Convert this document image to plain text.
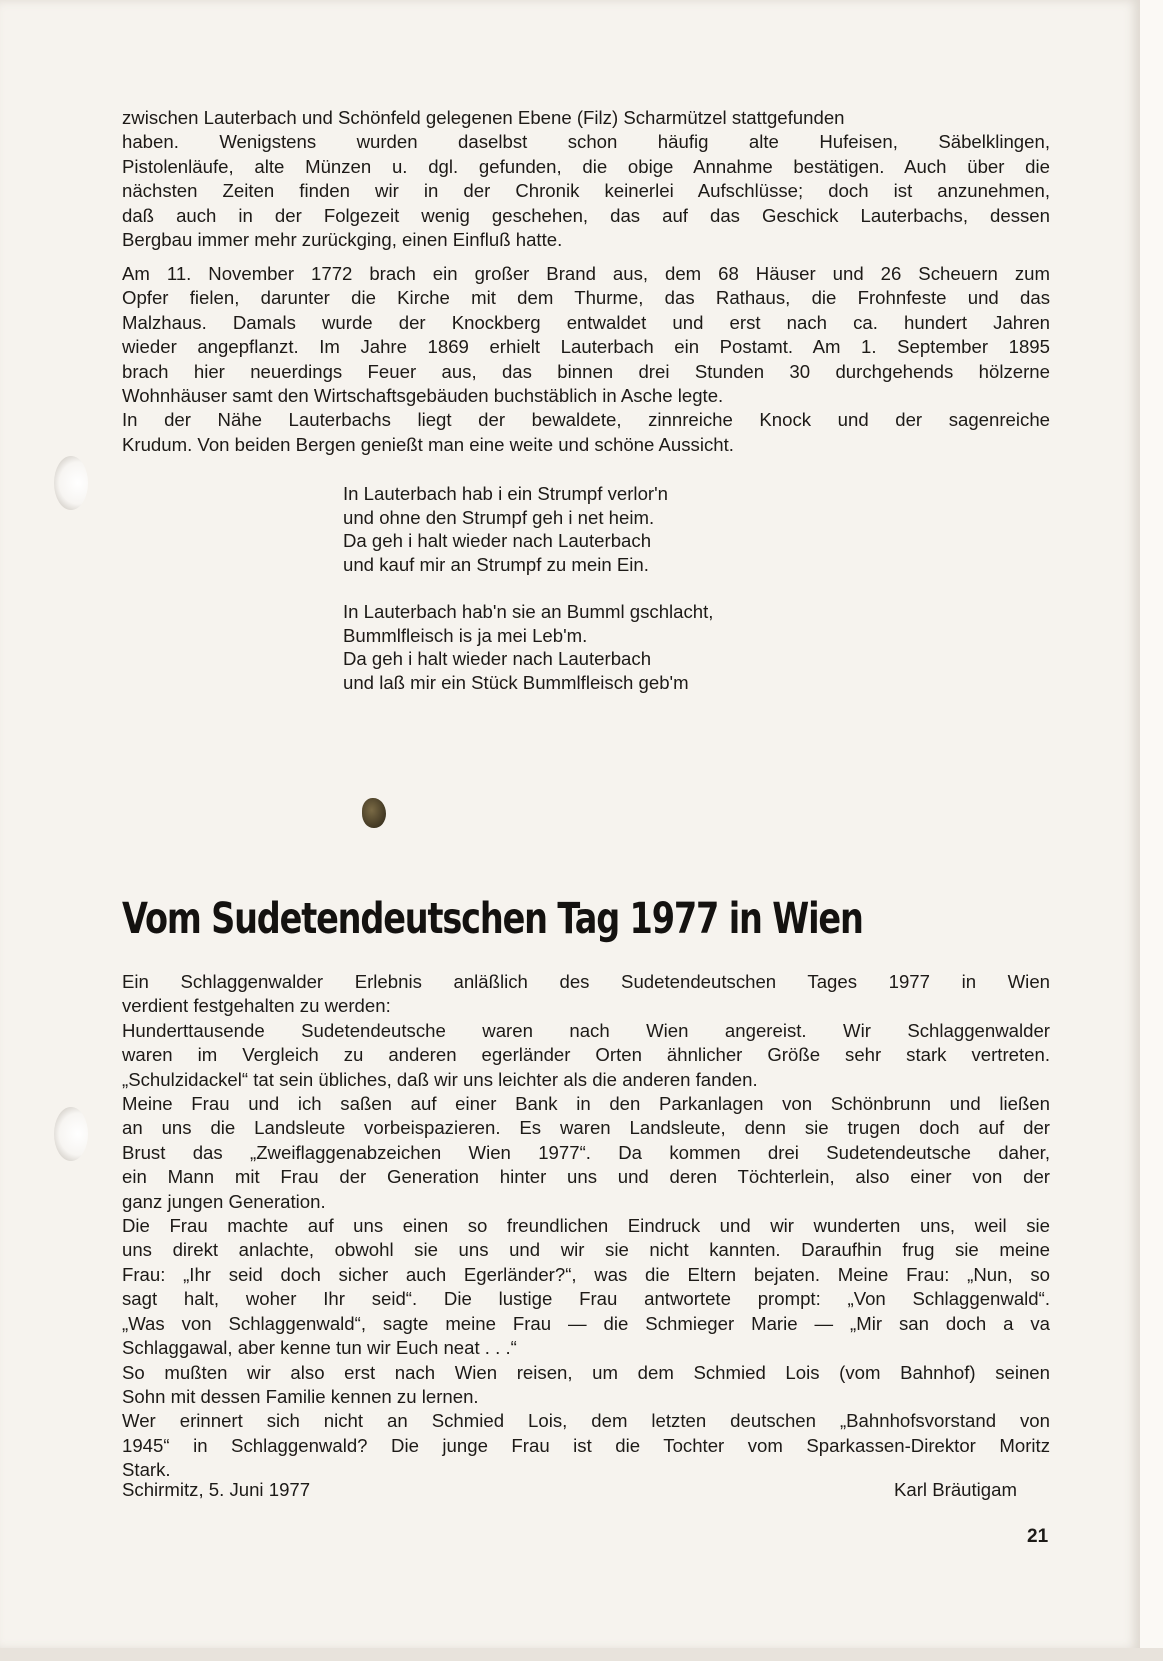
zwischen Lauterbach und Schönfeld gelegenen Ebene (Filz) Scharmützel stattgefunden
haben. Wenigstens wurden daselbst schon häufig alte Hufeisen, Säbelklingen,
Pistolenläufe, alte Münzen u. dgl. gefunden, die obige Annahme bestätigen. Auch über die
nächsten Zeiten finden wir in der Chronik keinerlei Aufschlüsse; doch ist anzunehmen,
daß auch in der Folgezeit wenig geschehen, das auf das Geschick Lauterbachs, dessen
Bergbau immer mehr zurückging, einen Einfluß hatte.

Am 11. November 1772 brach ein großer Brand aus, dem 68 Häuser und 26 Scheuern zum
Opfer fielen, darunter die Kirche mit dem Thurme, das Rathaus, die Frohnfeste und das
Malzhaus. Damals wurde der Knockberg entwaldet und erst nach ca. hundert Jahren
wieder angepflanzt. Im Jahre 1869 erhielt Lauterbach ein Postamt. Am 1. September 1895
brach hier neuerdings Feuer aus, das binnen drei Stunden 30 durchgehends hölzerne
Wohnhäuser samt den Wirtschaftsgebäuden buchstäblich in Asche legte.
In der Nähe Lauterbachs liegt der bewaldete, zinnreiche Knock und der sagenreiche
Krudum. Von beiden Bergen genießt man eine weite und schöne Aussicht.

In Lauterbach hab i ein Strumpf verlor'n
und ohne den Strumpf geh i net heim.
Da geh i halt wieder nach Lauterbach
und kauf mir an Strumpf zu mein Ein.

In Lauterbach hab'n sie an Bumml gschlacht,
Bummlfleisch is ja mei Leb'm.
Da geh i halt wieder nach Lauterbach
und laß mir ein Stück Bummlfleisch geb'm

Vom Sudetendeutschen Tag 1977 in Wien

Ein Schlaggenwalder Erlebnis anläßlich des Sudetendeutschen Tages 1977 in Wien
verdient festgehalten zu werden:
Hunderttausende Sudetendeutsche waren nach Wien angereist. Wir Schlaggenwalder
waren im Vergleich zu anderen egerländer Orten ähnlicher Größe sehr stark vertreten.
„Schulzidackel“ tat sein übliches, daß wir uns leichter als die anderen fanden.
Meine Frau und ich saßen auf einer Bank in den Parkanlagen von Schönbrunn und ließen
an uns die Landsleute vorbeispazieren. Es waren Landsleute, denn sie trugen doch auf der
Brust das „Zweiflaggenabzeichen Wien 1977“. Da kommen drei Sudetendeutsche daher,
ein Mann mit Frau der Generation hinter uns und deren Töchterlein, also einer von der
ganz jungen Generation.
Die Frau machte auf uns einen so freundlichen Eindruck und wir wunderten uns, weil sie
uns direkt anlachte, obwohl sie uns und wir sie nicht kannten. Daraufhin frug sie meine
Frau: „Ihr seid doch sicher auch Egerländer?“, was die Eltern bejaten. Meine Frau: „Nun, so
sagt halt, woher Ihr seid“. Die lustige Frau antwortete prompt: „Von Schlaggenwald“.
„Was von Schlaggenwald“, sagte meine Frau — die Schmieger Marie — „Mir san doch a va
Schlaggawal, aber kenne tun wir Euch neat . . .“
So mußten wir also erst nach Wien reisen, um dem Schmied Lois (vom Bahnhof) seinen
Sohn mit dessen Familie kennen zu lernen.
Wer erinnert sich nicht an Schmied Lois, dem letzten deutschen „Bahnhofsvorstand von
1945“ in Schlaggenwald? Die junge Frau ist die Tochter vom Sparkassen-Direktor Moritz
Stark.

Schirmitz, 5. Juni 1977	Karl Bräutigam
21
